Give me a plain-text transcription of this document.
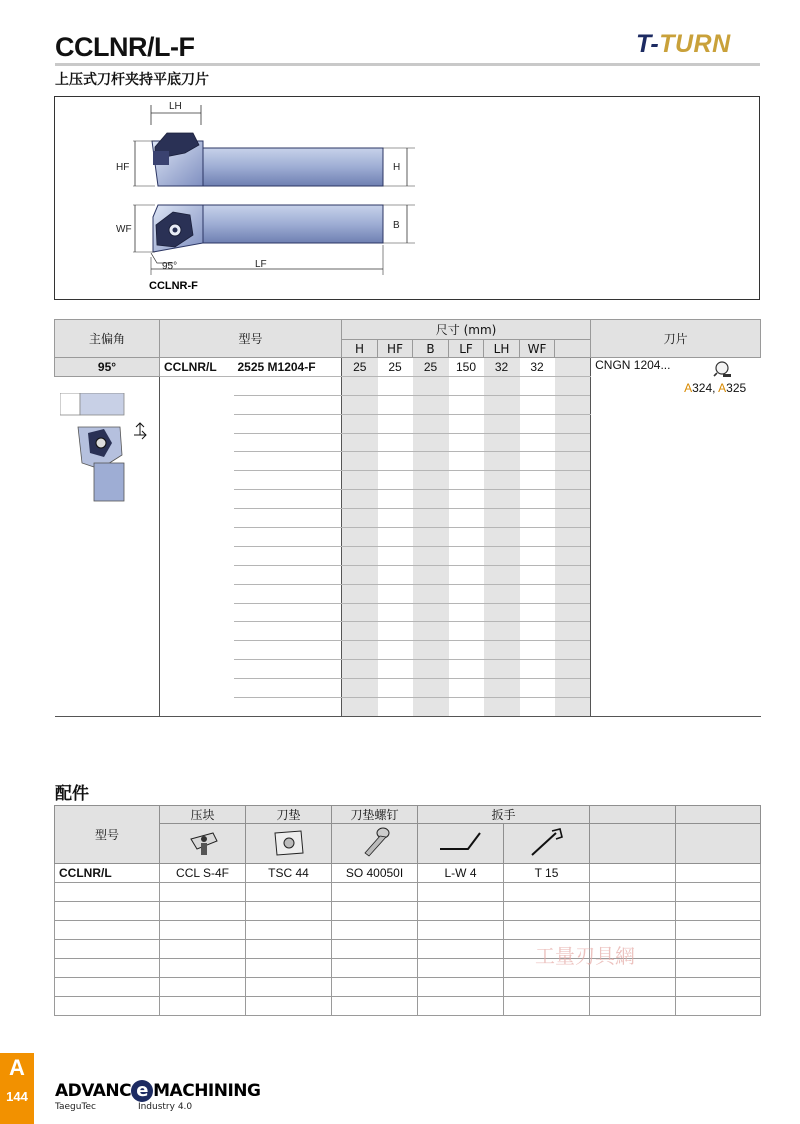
CCLNR/L-F	T-TURN
上压式刀杆夹持平底刀片
LH
HF	H
WF	B
95°	LF
CCLNR-F
主偏角	型号		尺寸 (mm)							刀片
			H	HF	B	LF	LH	WF		
95°	CCLNR/L	2525 M1204-F	25	25	25	150	32	32		CNGN 1204...
A324, A325

配件
型号	压块	刀垫	刀垫螺钉	扳手			

CCLNR/L	CCL S-4F	TSC 44	SO 40050I	L-W 4	T 15		

工量刃具網
A
144	ADVANC e MACHINING
TaeguTec	Industry 4.0
